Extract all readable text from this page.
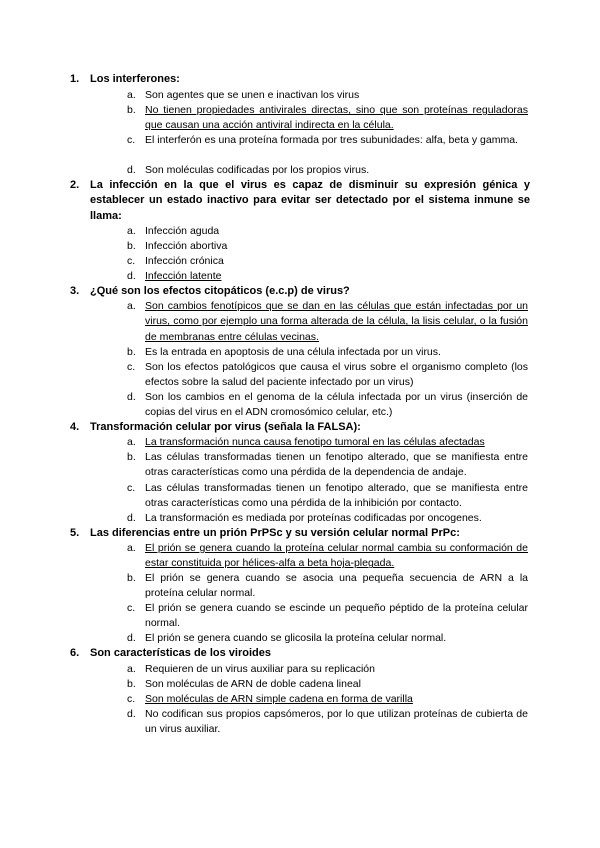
1. Los interferones:
a. Son agentes que se unen e inactivan los virus
b. No tienen propiedades antivirales directas, sino que son proteínas reguladoras que causan una acción antiviral indirecta en la célula.
c. El interferón es una proteína formada por tres subunidades: alfa, beta y gamma.
d. Son moléculas codificadas por los propios virus.
2. La infección en la que el virus es capaz de disminuir su expresión génica y establecer un estado inactivo para evitar ser detectado por el sistema inmune se llama:
a. Infección aguda
b. Infección abortiva
c. Infección crónica
d. Infección latente
3. ¿Qué son los efectos citopáticos (e.c.p) de virus?
a. Son cambios fenotípicos que se dan en las células que están infectadas por un virus, como por ejemplo una forma alterada de la célula, la lisis celular, o la fusión de membranas entre células vecinas.
b. Es la entrada en apoptosis de una célula infectada por un virus.
c. Son los efectos patológicos que causa el virus sobre el organismo completo (los efectos sobre la salud del paciente infectado por un virus)
d. Son los cambios en el genoma de la célula infectada por un virus (inserción de copias del virus en el ADN cromosómico celular, etc.)
4. Transformación celular por virus (señala la FALSA):
a. La transformación nunca causa fenotipo tumoral en las células afectadas
b. Las células transformadas tienen un fenotipo alterado, que se manifiesta entre otras características como una pérdida de la dependencia de andaje.
c. Las células transformadas tienen un fenotipo alterado, que se manifiesta entre otras características como una pérdida de la inhibición por contacto.
d. La transformación es mediada por proteínas codificadas por oncogenes.
5. Las diferencias entre un prión PrPSc y su versión celular normal PrPc:
a. El prión se genera cuando la proteína celular normal cambia su conformación de estar constituida por hélices-alfa a beta hoja-plegada.
b. El prión se genera cuando se asocia una pequeña secuencia de ARN a la proteína celular normal.
c. El prión se genera cuando se escinde un pequeño péptido de la proteína celular normal.
d. El prión se genera cuando se glicosila la proteína celular normal.
6. Son características de los viroides
a. Requieren de un virus auxiliar para su replicación
b. Son moléculas de ARN de doble cadena lineal
c. Son moléculas de ARN simple cadena en forma de varilla
d. No codifican sus propios capsómeros, por lo que utilizan proteínas de cubierta de un virus auxiliar.
